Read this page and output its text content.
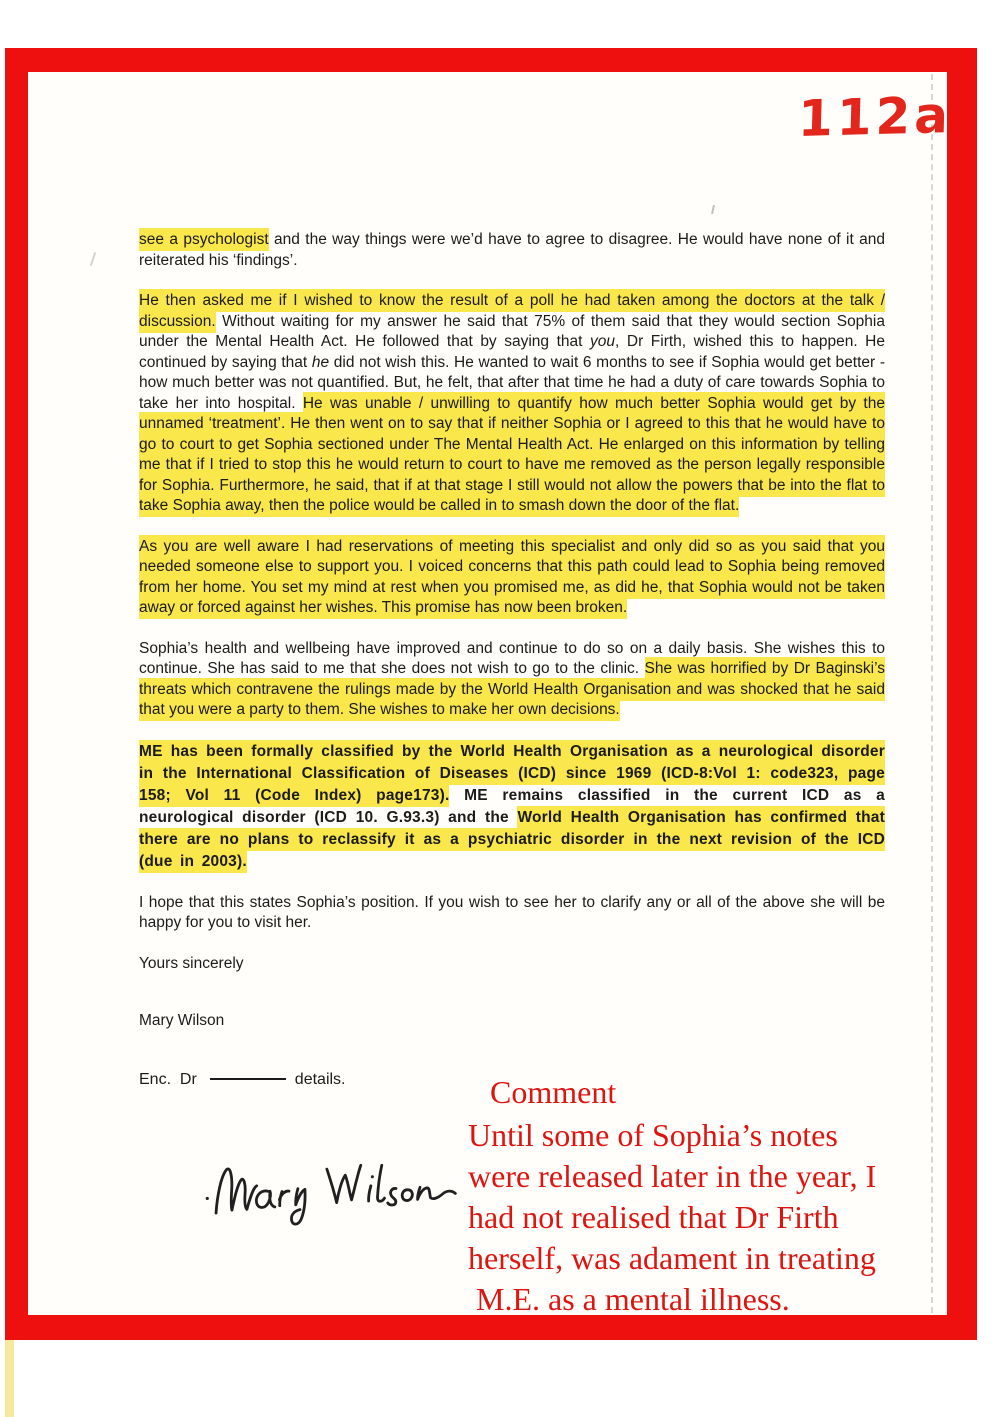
112a

see a psychologist and the way things were we’d have to agree to disagree. He would have none of it and reiterated his ‘findings’.

He then asked me if I wished to know the result of a poll he had taken among the doctors at the talk / discussion. Without waiting for my answer he said that 75% of them said that they would section Sophia under the Mental Health Act. He followed that by saying that you, Dr Firth, wished this to happen. He continued by saying that he did not wish this. He wanted to wait 6 months to see if Sophia would get better - how much better was not quantified. But, he felt, that after that time he had a duty of care towards Sophia to take her into hospital. He was unable / unwilling to quantify how much better Sophia would get by the unnamed ‘treatment’. He then went on to say that if neither Sophia or I agreed to this that he would have to go to court to get Sophia sectioned under The Mental Health Act. He enlarged on this information by telling me that if I tried to stop this he would return to court to have me removed as the person legally responsible for Sophia. Furthermore, he said, that if at that stage I still would not allow the powers that be into the flat to take Sophia away, then the police would be called in to smash down the door of the flat.

As you are well aware I had reservations of meeting this specialist and only did so as you said that you needed someone else to support you. I voiced concerns that this path could lead to Sophia being removed from her home. You set my mind at rest when you promised me, as did he, that Sophia would not be taken away or forced against her wishes. This promise has now been broken.

Sophia’s health and wellbeing have improved and continue to do so on a daily basis. She wishes this to continue. She has said to me that she does not wish to go to the clinic. She was horrified by Dr Baginski’s threats which contravene the rulings made by the World Health Organisation and was shocked that he said that you were a party to them. She wishes to make her own decisions.

ME has been formally classified by the World Health Organisation as a neurological disorder in the International Classification of Diseases (ICD) since 1969 (ICD-8:Vol 1: code323, page 158; Vol 11 (Code Index) page173). ME remains classified in the current ICD as a neurological disorder (ICD 10. G.93.3) and the World Health Organisation has confirmed that there are no plans to reclassify it as a psychiatric disorder in the next revision of the ICD (due in 2003).

I hope that this states Sophia’s position. If you wish to see her to clarify any or all of the above she will be happy for you to visit her.

Yours sincerely
Mary Wilson
Enc.  Dr	details.	Comment
Until some of Sophia’s notes
were released later in the year, I
had not realised that Dr Firth
herself, was adament in treating
M.E. as a mental illness.
